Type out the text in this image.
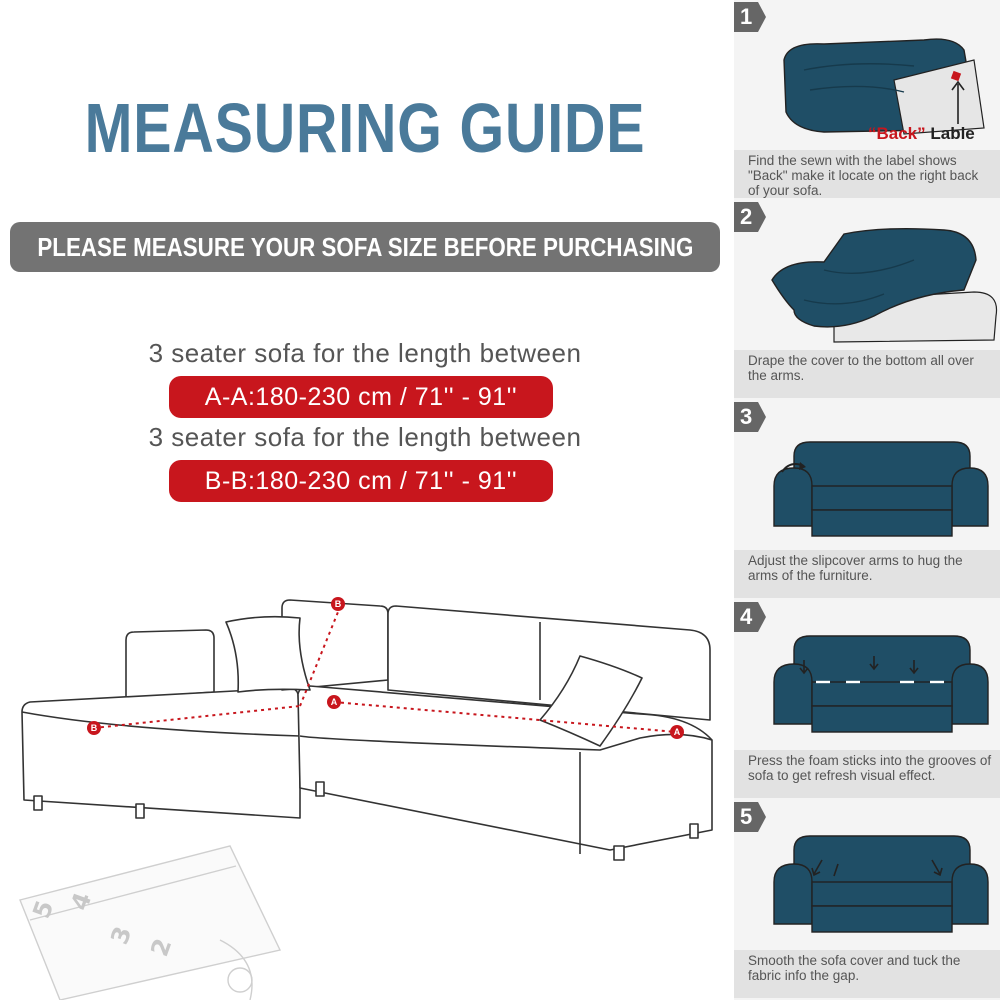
MEASURING GUIDE
PLEASE MEASURE YOUR SOFA SIZE BEFORE PURCHASING
3 seater sofa for the length between
A-A:180-230 cm / 71'' - 91''
3 seater sofa for the length between
B-B:180-230 cm / 71'' - 91''
B
B
A
A
5 4
3 2
1
Find the sewn with the label shows "Back" make it locate on the right back of your sofa.
2
Drape the cover to the bottom all over the arms.
3
Adjust the slipcover arms to hug the arms of the furniture.
4
Press the foam sticks into the grooves of sofa to get refresh visual effect.
5
Smooth the sofa cover and tuck the fabric info the gap.
“Back” Lable
